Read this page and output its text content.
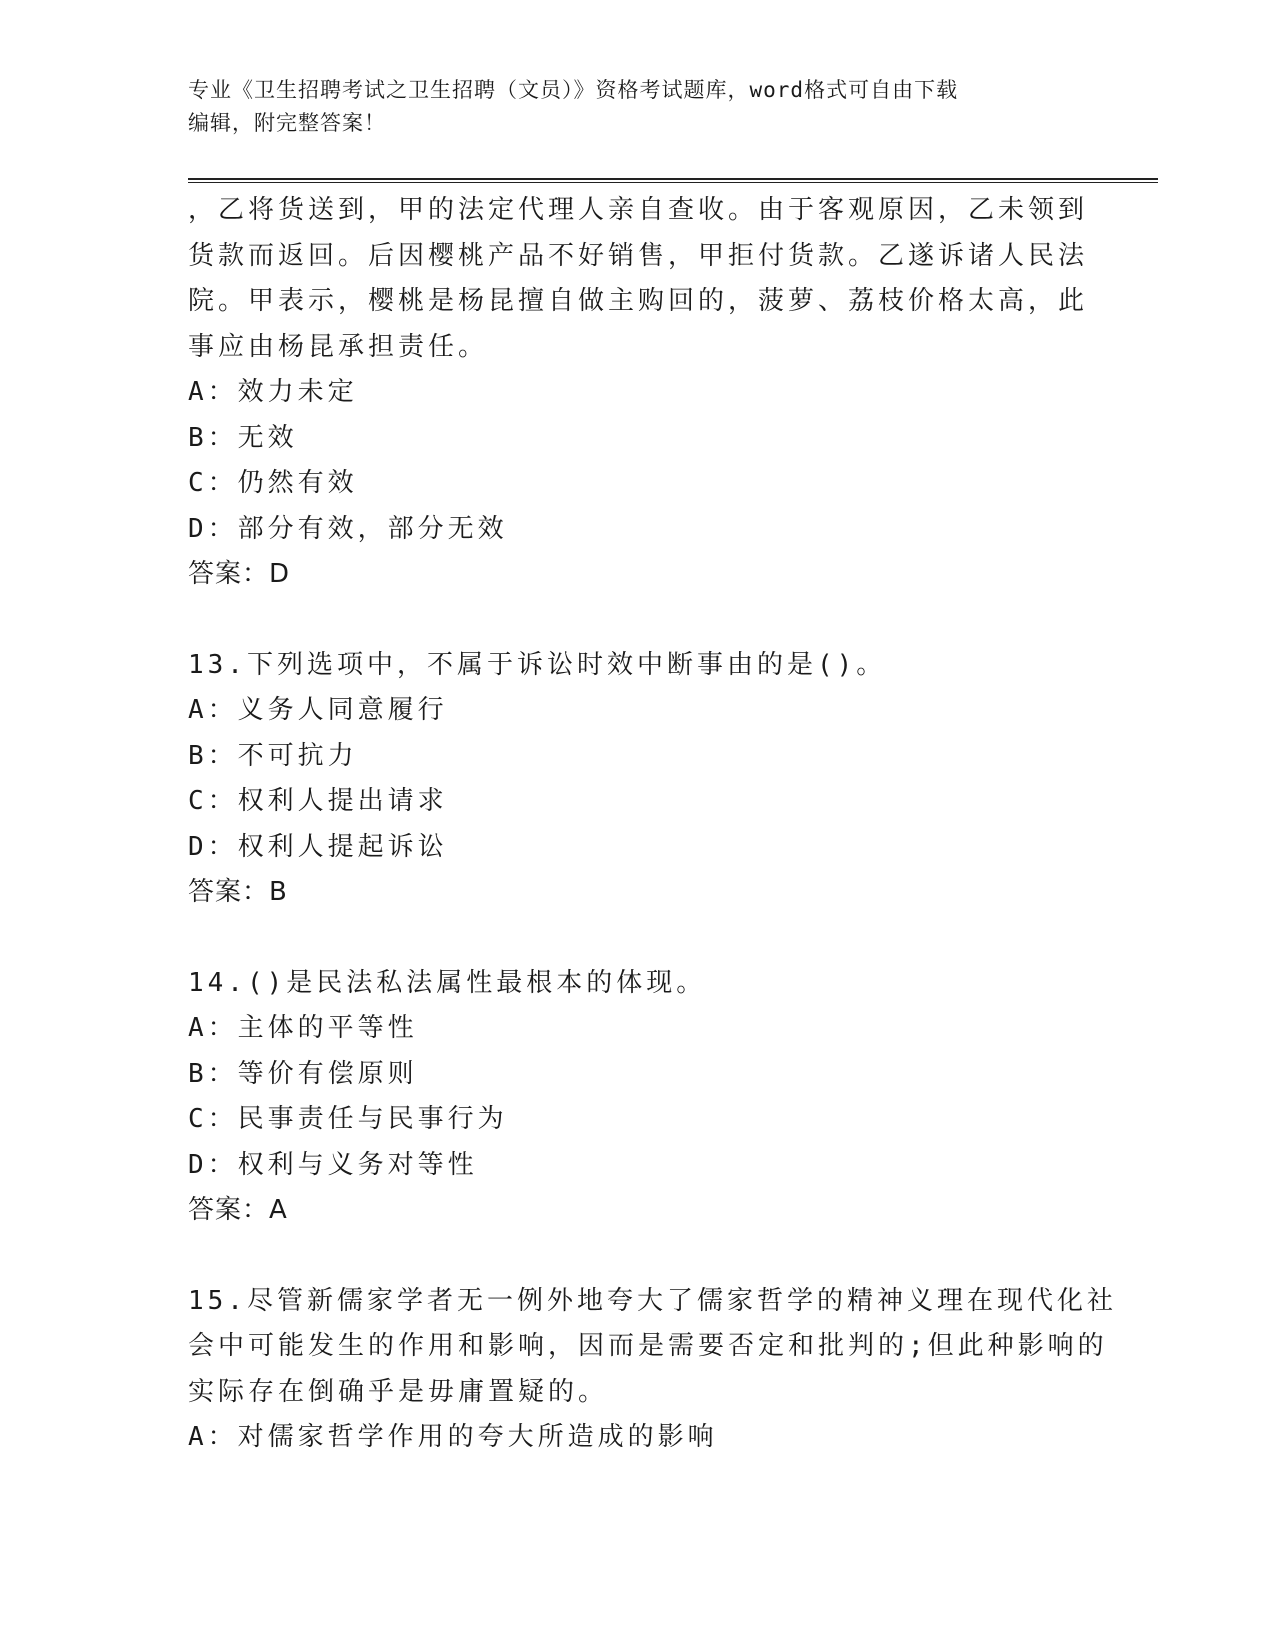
专业《卫生招聘考试之卫生招聘（文员）》资格考试题库，word格式可自由下载
编辑，附完整答案！
，乙将货送到，甲的法定代理人亲自查收。由于客观原因，乙未领到
货款而返回。后因樱桃产品不好销售，甲拒付货款。乙遂诉诸人民法
院。甲表示，樱桃是杨昆擅自做主购回的，菠萝、荔枝价格太高，此
事应由杨昆承担责任。
A：效力未定
B：无效
C：仍然有效
D：部分有效，部分无效
答案：D
13.下列选项中，不属于诉讼时效中断事由的是()。
A：义务人同意履行
B：不可抗力
C：权利人提出请求
D：权利人提起诉讼
答案：B
14.()是民法私法属性最根本的体现。
A：主体的平等性
B：等价有偿原则
C：民事责任与民事行为
D：权利与义务对等性
答案：A
15.尽管新儒家学者无一例外地夸大了儒家哲学的精神义理在现代化社
会中可能发生的作用和影响，因而是需要否定和批判的;但此种影响的
实际存在倒确乎是毋庸置疑的。
A：对儒家哲学作用的夸大所造成的影响
